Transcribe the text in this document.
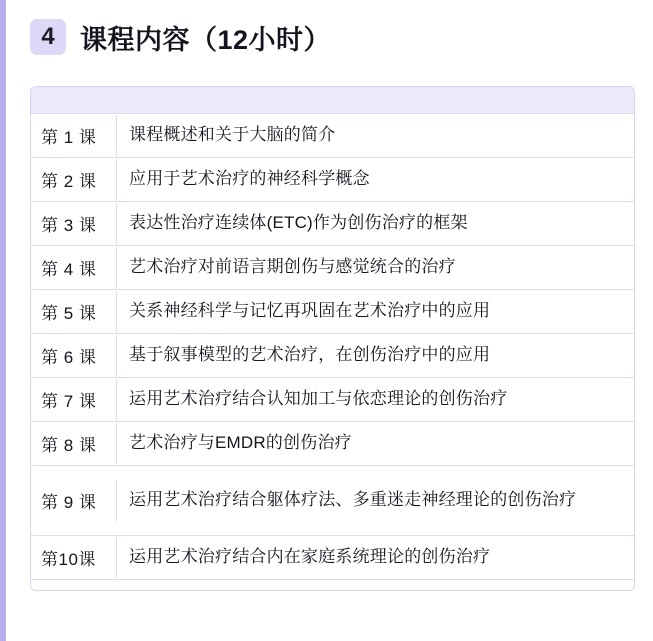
4 课程内容（12小时）
第 1 课	课程概述和关于大脑的简介
第 2 课	应用于艺术治疗的神经科学概念
第 3 课	表达性治疗连续体(ETC)作为创伤治疗的框架
第 4 课	艺术治疗对前语言期创伤与感觉统合的治疗
第 5 课	关系神经科学与记忆再巩固在艺术治疗中的应用
第 6 课	基于叙事模型的艺术治疗，在创伤治疗中的应用
第 7 课	运用艺术治疗结合认知加工与依恋理论的创伤治疗
第 8 课	艺术治疗与EMDR的创伤治疗
第 9 课	运用艺术治疗结合躯体疗法、多重迷走神经理论的创伤治疗
第10课	运用艺术治疗结合内在家庭系统理论的创伤治疗
